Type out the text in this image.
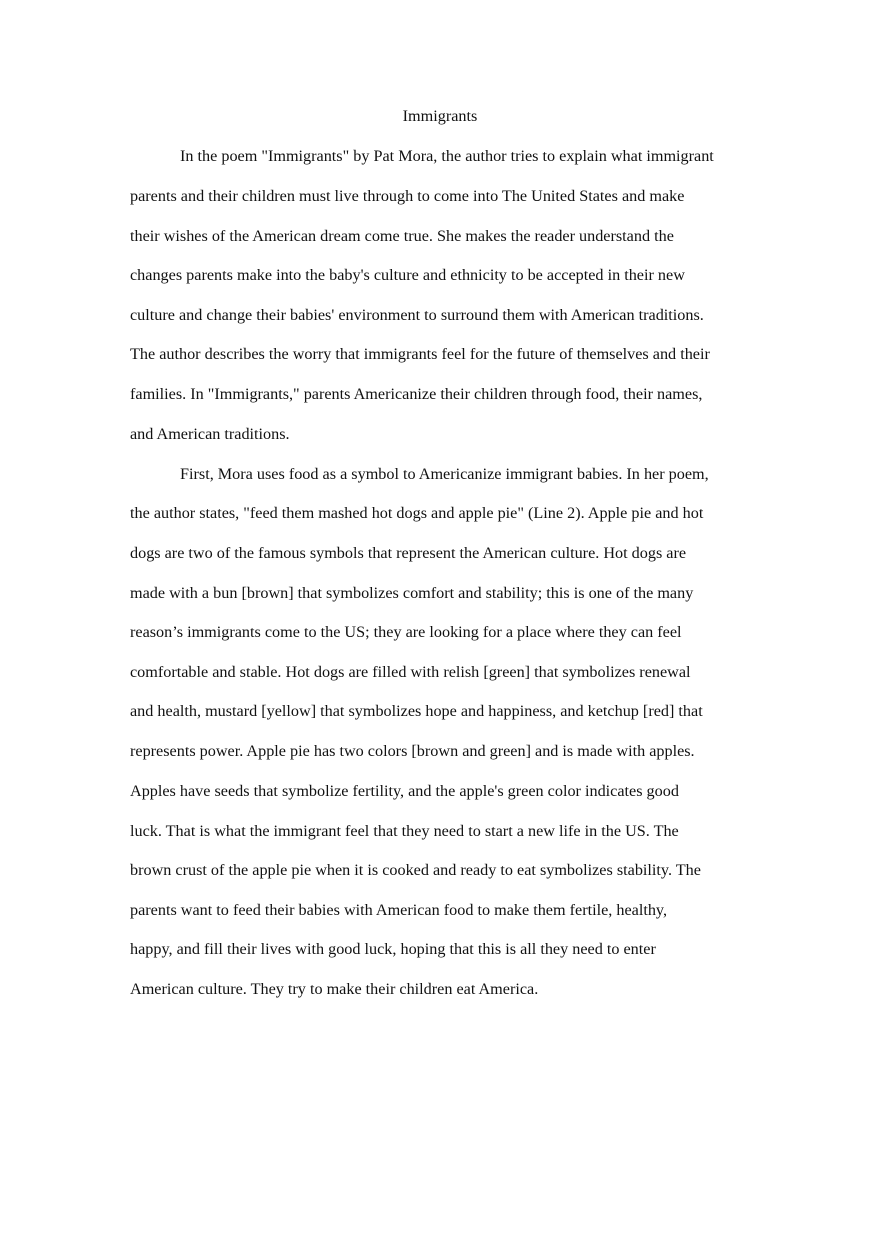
Immigrants
In the poem "Immigrants" by Pat Mora, the author tries to explain what immigrant
parents and their children must live through to come into The United States and make
their wishes of the American dream come true. She makes the reader understand the
changes parents make into the baby's culture and ethnicity to be accepted in their new
culture and change their babies' environment to surround them with American traditions.
The author describes the worry that immigrants feel for the future of themselves and their
families. In "Immigrants," parents Americanize their children through food, their names,
and American traditions.
First, Mora uses food as a symbol to Americanize immigrant babies. In her poem,
the author states, "feed them mashed hot dogs and apple pie" (Line 2). Apple pie and hot
dogs are two of the famous symbols that represent the American culture. Hot dogs are
made with a bun [brown] that symbolizes comfort and stability; this is one of the many
reason’s immigrants come to the US; they are looking for a place where they can feel
comfortable and stable. Hot dogs are filled with relish [green] that symbolizes renewal
and health, mustard [yellow] that symbolizes hope and happiness, and ketchup [red] that
represents power. Apple pie has two colors [brown and green] and is made with apples.
Apples have seeds that symbolize fertility, and the apple's green color indicates good
luck. That is what the immigrant feel that they need to start a new life in the US. The
brown crust of the apple pie when it is cooked and ready to eat symbolizes stability. The
parents want to feed their babies with American food to make them fertile, healthy,
happy, and fill their lives with good luck, hoping that this is all they need to enter
American culture. They try to make their children eat America.
